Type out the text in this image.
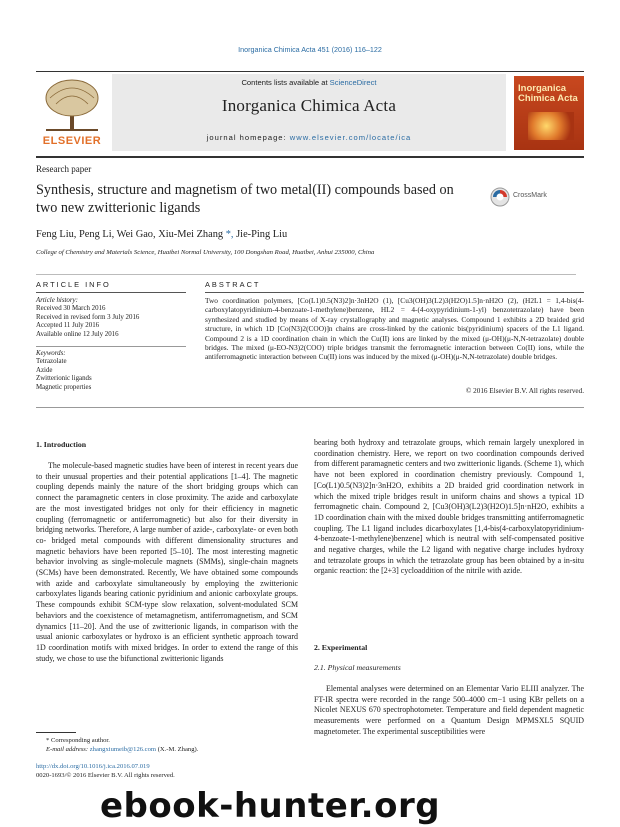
Inorganica Chimica Acta 451 (2016) 116–122
ELSEVIER
Contents lists available at ScienceDirect
Inorganica Chimica Acta
journal homepage: www.elsevier.com/locate/ica
Inorganica Chimica Acta
Research paper
Synthesis, structure and magnetism of two metal(II) compounds based on two new zwitterionic ligands
CrossMark
Feng Liu, Peng Li, Wei Gao, Xiu-Mei Zhang *, Jie-Ping Liu
College of Chemistry and Materials Science, Huaibei Normal University, 100 Dongshan Road, Huaibei, Anhui 235000, China
ARTICLE INFO	ABSTRACT
Article history:
Received 30 March 2016
Received in revised form 3 July 2016
Accepted 11 July 2016
Available online 12 July 2016
Keywords:
Tetrazolate
Azide
Zwitterionic ligands
Magnetic properties
Two coordination polymers, [Co(L1)0.5(N3)2]n·3nH2O (1), [Cu3(OH)3(L2)3(H2O)1.5]n·nH2O (2), (H2L1 = 1,4-bis(4-carboxylatopyridinium-4-benzoate-1-methylene)benzene, HL2 = 4-(4-oxypyridinium-1-yl) benzotetrazolate) have been synthesized and studied by means of X-ray crystallography and magnetic analyses. Compound 1 exhibits a 2D braided grid structure, in which 1D [Co(N3)2(COO)]n chains are cross-linked by the cationic bis(pyridinium) spacers of the L1 ligand. Compound 2 is a 1D coordination chain in which the Cu(II) ions are linked by the mixed (μ-OH)(μ-N,N-tetrazolate) double bridges. The mixed (μ-EO-N3)2(COO) triple bridges transmit the ferromagnetic interaction between Co(II) ions, while the antiferromagnetic interaction between Cu(II) ions was induced by the mixed (μ-OH)(μ-N,N-tetrazolate) double bridges.
© 2016 Elsevier B.V. All rights reserved.
1. Introduction

The molecule-based magnetic studies have been of interest in recent years due to their unusual properties and their potential applications [1–4]. The magnetic coupling depends mainly the nature of the short bridging groups which can connect the paramagnetic centers in close proximity. The azide and carboxylate are the most investigated bridges not only for their efficiency in magnetic coupling (ferromagnetic or antiferromagnetic) but also for their diversity in bridging networks. Therefore, A large number of azide-, carboxylate- or even both co- bridged metal compounds with different dimensionality structures and magnetic behaviors have been reported [5–10]. The most interesting magnetic behavior involving as single-molecule magnets (SMMs), single-chain magnets (SCMs) have been demonstrated. Recently, We have obtained some compounds with azide and carboxylate simultaneously by employing the zwitterionic carboxylates ligands bearing cationic pyridinium and anionic carboxylate groups. These compounds exhibit SCM-type slow relaxation, solvent-modulated SCM behaviors and the coexistence of metamagnetism, antiferromagnetism, and SCM dynamics [11–20]. And the use of zwitterionic ligands, in comparison with the usual anionic carboxylates or hydroxo is an efficient synthetic approach toward 1D coordination motifs with mixed bridges. In order to extend the range of this study, we chose to use the bifunctional zwitterionic ligands

bearing both hydroxy and tetrazolate groups, which remain largely unexplored in coordination chemistry. Here, we report on two coordination compounds derived from different paramagnetic centers and two zwitterionic ligands. (Scheme 1), which have not been explored in coordination chemistry previously. Compound 1, [Co(L1)0.5(N3)2]n·3nH2O, exhibits a 2D braided grid coordination network in which the mixed triple bridges result in uniform chains and shows a typical 1D ferromagnetic chain. Compound 2, [Cu3(OH)3(L2)3(H2O)1.5]n·nH2O, exhibits a 1D coordination chain with the mixed double bridges transmitting antiferromagnetic coupling. The L1 ligand includes dicarboxylates [1,4-bis(4-carboxylatopyridinium-4-benzoate-1-methylene)benzene] which is neutral with self-compensated positive and negative charges, while the L2 ligand with negative charge includes hydroxy and tetrazolate groups in which the tetrazolate group has been obtained by a in-situ organic reaction: the [2+3] cycloaddition of the nitrile with azide.

2. Experimental
2.1. Physical measurements

Elemental analyses were determined on an Elementar Vario ELIII analyzer. The FT-IR spectra were recorded in the range 500–4000 cm−1 using KBr pellets on a Nicolet NEXUS 670 spectrophotometer. Temperature and field dependent magnetic measurements were performed on a Quantum Design MPMSXL5 SQUID magnetometer. The experimental susceptibilities were

* Corresponding author.
E-mail address: zhangxiumeib@126.com (X.-M. Zhang).
http://dx.doi.org/10.1016/j.ica.2016.07.019
0020-1693/© 2016 Elsevier B.V. All rights reserved.
ebook-hunter.org
